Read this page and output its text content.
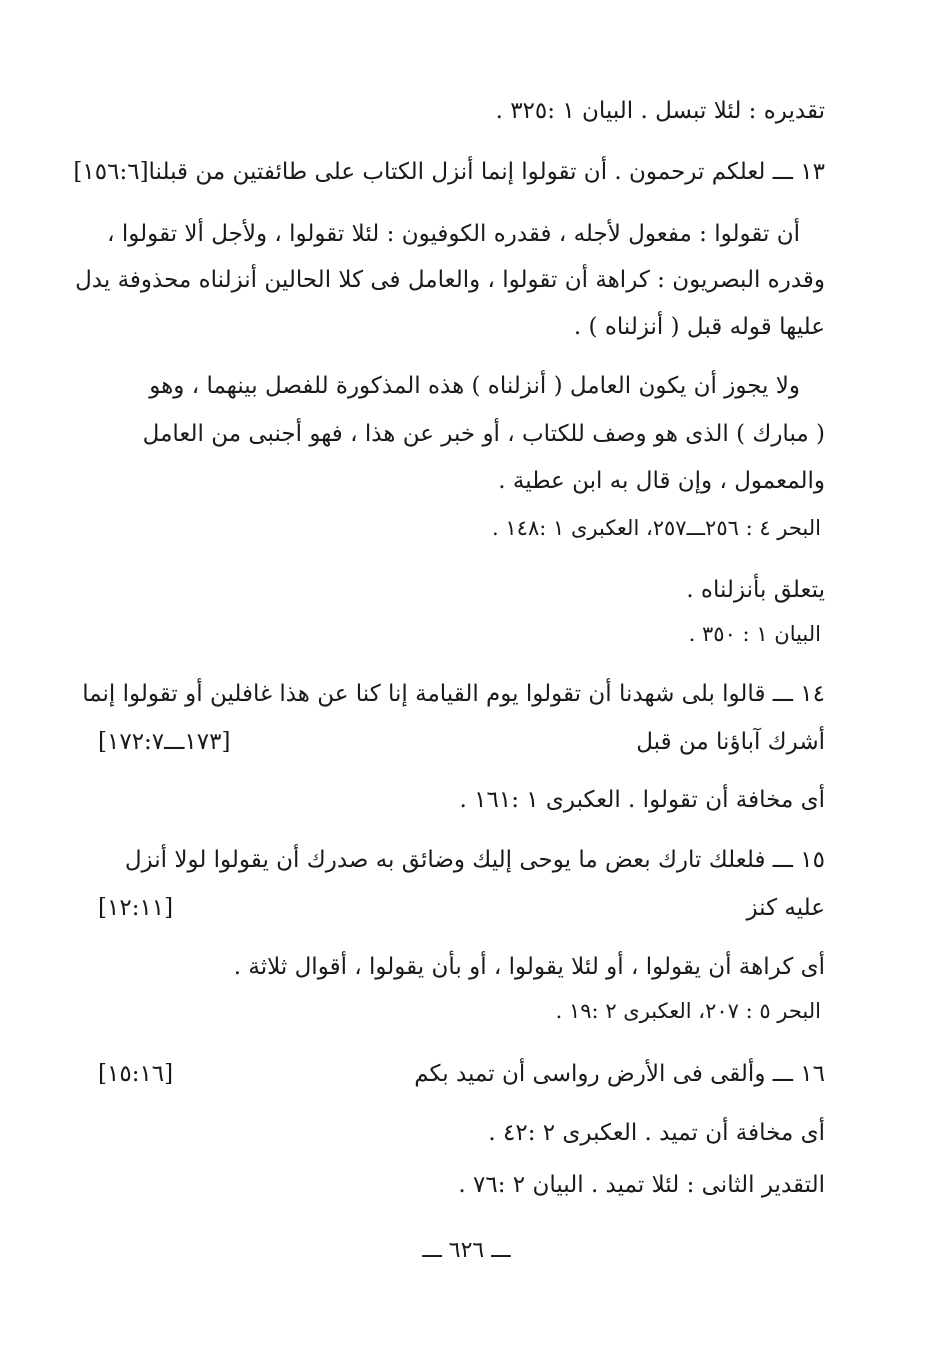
تقديره : لئلا تبسل . البيان ١ :٣٢٥ .
١٣ ـــ لعلكم ترحمون . أن تقولوا إنما أنزل الكتاب على طائفتين من قبلنا[١٥٦:٦]
أن تقولوا : مفعول لأجله ، فقدره الكوفيون : لئلا تقولوا ، ولأجل ألا تقولوا ،
وقدره البصريون : كراهة أن تقولوا ، والعامل فى كلا الحالين أنزلناه محذوفة يدل
عليها قوله قبل ( أنزلناه ) .
ولا يجوز أن يكون العامل ( أنزلناه ) هذه المذكورة للفصل بينهما ، وهو
( مبارك ) الذى هو وصف للكتاب ، أو خبر عن هذا ، فهو أجنبى من العامل
والمعمول ، وإن قال به ابن عطية .
البحر ٤ : ٢٥٦ـــ٢٥٧، العكبرى ١ :١٤٨ .
يتعلق بأنزلناه .
البيان ١ : ٣٥٠ .
١٤ ـــ قالوا بلى شهدنا أن تقولوا يوم القيامة إنا كنا عن هذا غافلين أو تقولوا إنما
أشرك آباؤنا من قبل
[١٧٣ـــ١٧٢:٧]
أى مخافة أن تقولوا . العكبرى ١ :١٦١ .
١٥ ـــ فلعلك تارك بعض ما يوحى إليك وضائق به صدرك أن يقولوا لولا أنزل
عليه كنز
[١٢:١١]
أى كراهة أن يقولوا ، أو لئلا يقولوا ، أو بأن يقولوا ، أقوال ثلاثة .
البحر ٥ : ٢٠٧، العكبرى ٢ :١٩ .
١٦ ـــ وألقى فى الأرض رواسى أن تميد بكم
[١٥:١٦]
أى مخافة أن تميد . العكبرى ٢ :٤٢ .
التقدير الثانى : لئلا تميد . البيان ٢ :٧٦ .
ـــ ٦٢٦ ـــ
